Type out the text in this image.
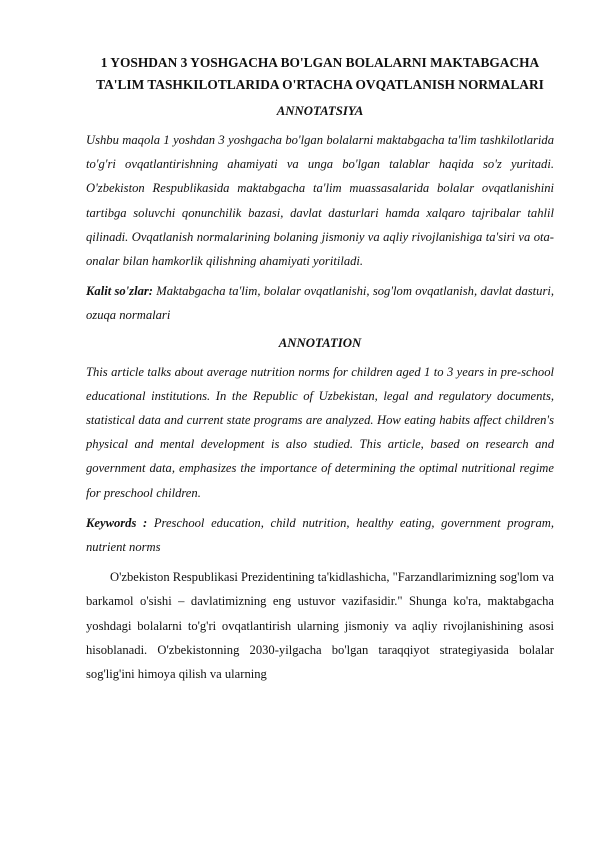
1 YOSHDAN 3 YOSHGACHA BO'LGAN BOLALARNI MAKTABGACHA TA'LIM TASHKILOTLARIDA O'RTACHA OVQATLANISH NORMALARI
ANNOTATSIYA

Ushbu maqola 1 yoshdan 3 yoshgacha bo'lgan bolalarni maktabgacha ta'lim tashkilotlarida to'g'ri ovqatlantirishning ahamiyati va unga bo'lgan talablar haqida so'z yuritadi. O'zbekiston Respublikasida maktabgacha ta'lim muassasalarida bolalar ovqatlanishini tartibga soluvchi qonunchilik bazasi, davlat dasturlari hamda xalqaro tajribalar tahlil qilinadi. Ovqatlanish normalarining bolaning jismoniy va aqliy rivojlanishiga ta'siri va ota-onalar bilan hamkorlik qilishning ahamiyati yoritiladi.

Kalit so'zlar: Maktabgacha ta'lim, bolalar ovqatlanishi, sog'lom ovqatlanish, davlat dasturi, ozuqa normalari

ANNOTATION

This article talks about average nutrition norms for children aged 1 to 3 years in pre-school educational institutions. In the Republic of Uzbekistan, legal and regulatory documents, statistical data and current state programs are analyzed. How eating habits affect children's physical and mental development is also studied. This article, based on research and government data, emphasizes the importance of determining the optimal nutritional regime for preschool children.

Keywords : Preschool education, child nutrition, healthy eating, government program, nutrient norms

O'zbekiston Respublikasi Prezidentining ta'kidlashicha, "Farzandlarimizning sog'lom va barkamol o'sishi – davlatimizning eng ustuvor vazifasidir." Shunga ko'ra, maktabgacha yoshdagi bolalarni to'g'ri ovqatlantirish ularning jismoniy va aqliy rivojlanishining asosi hisoblanadi. O'zbekistonning 2030-yilgacha bo'lgan taraqqiyot strategiyasida bolalar sog'lig'ini himoya qilish va ularning
